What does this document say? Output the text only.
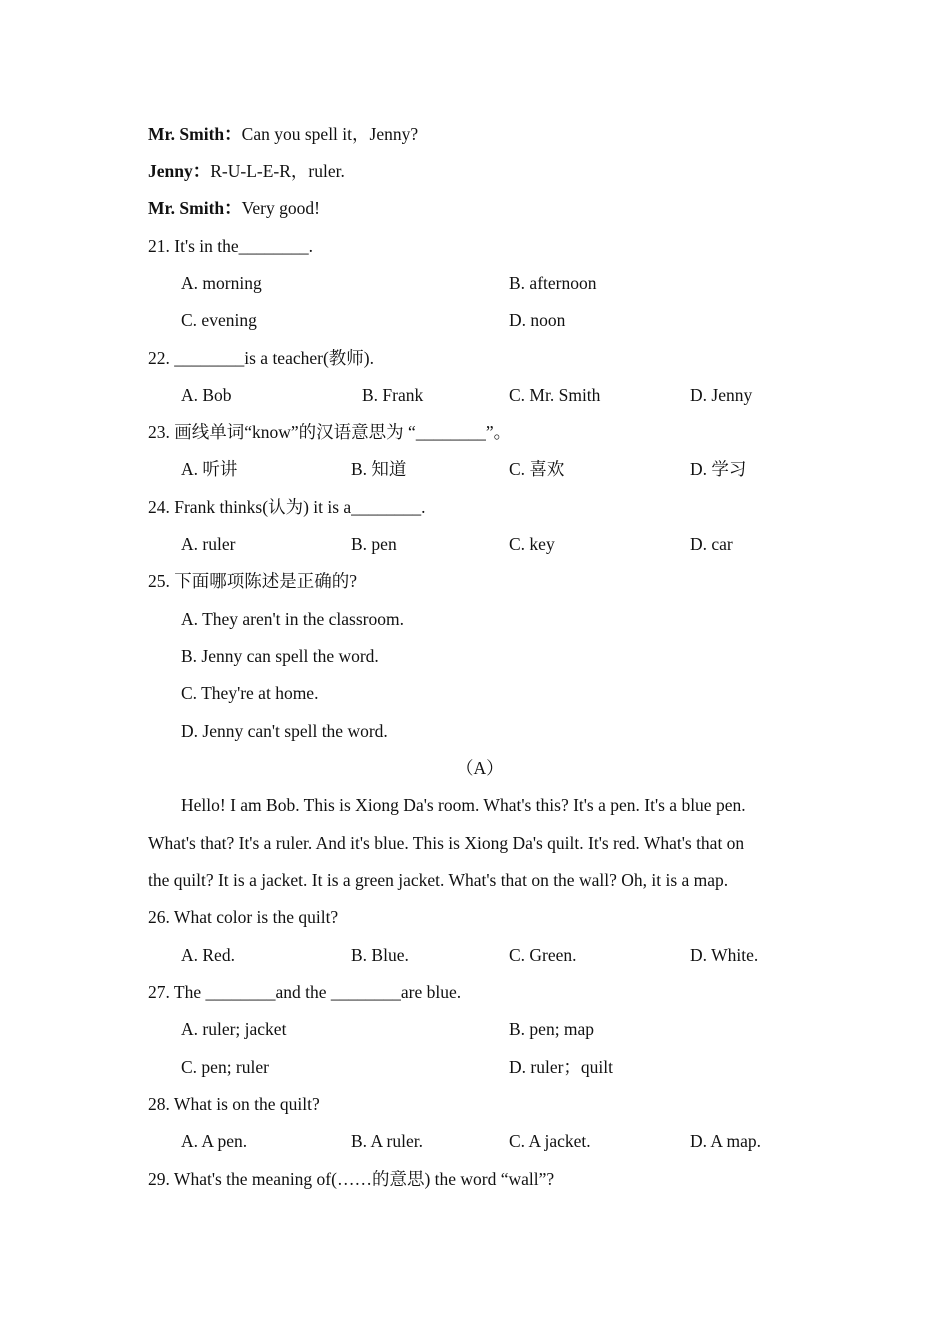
Mr. Smith：Can you spell it，Jenny?
Jenny：R-U-L-E-R，ruler.
Mr. Smith：Very good!
21. It's in the________.
A. morning	B. afternoon
C. evening	D. noon
22. ________is a teacher(教师).
A. Bob	B. Frank	C. Mr. Smith	D. Jenny
23. 画线单词“know”的汉语意思为 “________”。
A. 听讲	B. 知道	C. 喜欢	D. 学习
24. Frank thinks(认为) it is a________.
A. ruler	B. pen	C. key	D. car
25. 下面哪项陈述是正确的?
A. They aren't in the classroom.
B. Jenny can spell the word.
C. They're at home.
D. Jenny can't spell the word.
（A）
Hello! I am Bob. This is Xiong Da's room. What's this? It's a pen. It's a blue pen.
What's that? It's a ruler. And it's blue. This is Xiong Da's quilt. It's red. What's that on
the quilt? It is a jacket. It is a green jacket. What's that on the wall? Oh, it is a map.
26. What color is the quilt?
A. Red.	B. Blue.	C. Green.	D. White.
27. The ________and the ________are blue.
A. ruler; jacket	B. pen; map
C. pen; ruler	D. ruler；quilt
28. What is on the quilt?
A. A pen.	B. A ruler.	C. A jacket.	D. A map.
29. What's the meaning of(……的意思) the word “wall”?
